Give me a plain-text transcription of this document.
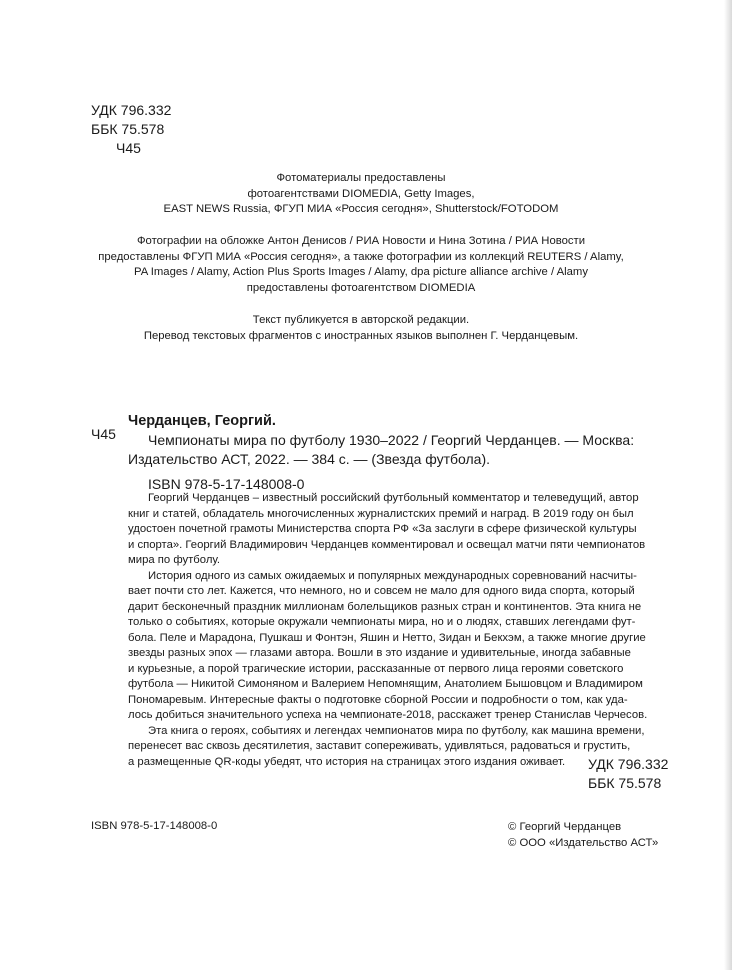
УДК 796.332
ББК 75.578
Ч45
Фотоматериалы предоставлены
фотоагентствами DIOMEDIA, Getty Images,
EAST NEWS Russia, ФГУП МИА «Россия сегодня», Shutterstock/FOTODOM
Фотографии на обложке Антон Денисов / РИА Новости и Нина Зотина / РИА Новости
предоставлены ФГУП МИА «Россия сегодня», а также фотографии из коллекций REUTERS / Alamy,
PA Images / Alamy, Action Plus Sports Images / Alamy, dpa picture alliance archive / Alamy
предоставлены фотоагентством DIOMEDIA
Текст публикуется в авторской редакции.
Перевод текстовых фрагментов с иностранных языков выполнен Г. Черданцевым.
Ч45
Черданцев, Георгий.
Чемпионаты мира по футболу 1930–2022 / Георгий Черданцев. — Москва:
Издательство АСТ, 2022. — 384 с. — (Звезда футбола).
ISBN 978-5-17-148008-0
Георгий Черданцев – известный российский футбольный комментатор и телеведущий, автор
книг и статей, обладатель многочисленных журналистских премий и наград. В 2019 году он был
удостоен почетной грамоты Министерства спорта РФ «За заслуги в сфере физической культуры
и спорта». Георгий Владимирович Черданцев комментировал и освещал матчи пяти чемпионатов
мира по футболу.
История одного из самых ожидаемых и популярных международных соревнований насчиты-
вает почти сто лет. Кажется, что немного, но и совсем не мало для одного вида спорта, который
дарит бесконечный праздник миллионам болельщиков разных стран и континентов. Эта книга не
только о событиях, которые окружали чемпионаты мира, но и о людях, ставших легендами фут-
бола. Пеле и Марадона, Пушкаш и Фонтэн, Яшин и Нетто, Зидан и Бекхэм, а также многие другие
звезды разных эпох — глазами автора. Вошли в это издание и удивительные, иногда забавные
и курьезные, а порой трагические истории, рассказанные от первого лица героями советского
футбола — Никитой Симоняном и Валерием Непомнящим, Анатолием Бышовцом и Владимиром
Пономаревым. Интересные факты о подготовке сборной России и подробности о том, как уда-
лось добиться значительного успеха на чемпионате-2018, расскажет тренер Станислав Черчесов.
Эта книга о героях, событиях и легендах чемпионатов мира по футболу, как машина времени,
перенесет вас сквозь десятилетия, заставит сопереживать, удивляться, радоваться и грустить,
а размещенные QR-коды убедят, что история на страницах этого издания оживает.	УДК 796.332
ББК 75.578
ISBN 978-5-17-148008-0	© Георгий Черданцев
© ООО «Издательство АСТ»
